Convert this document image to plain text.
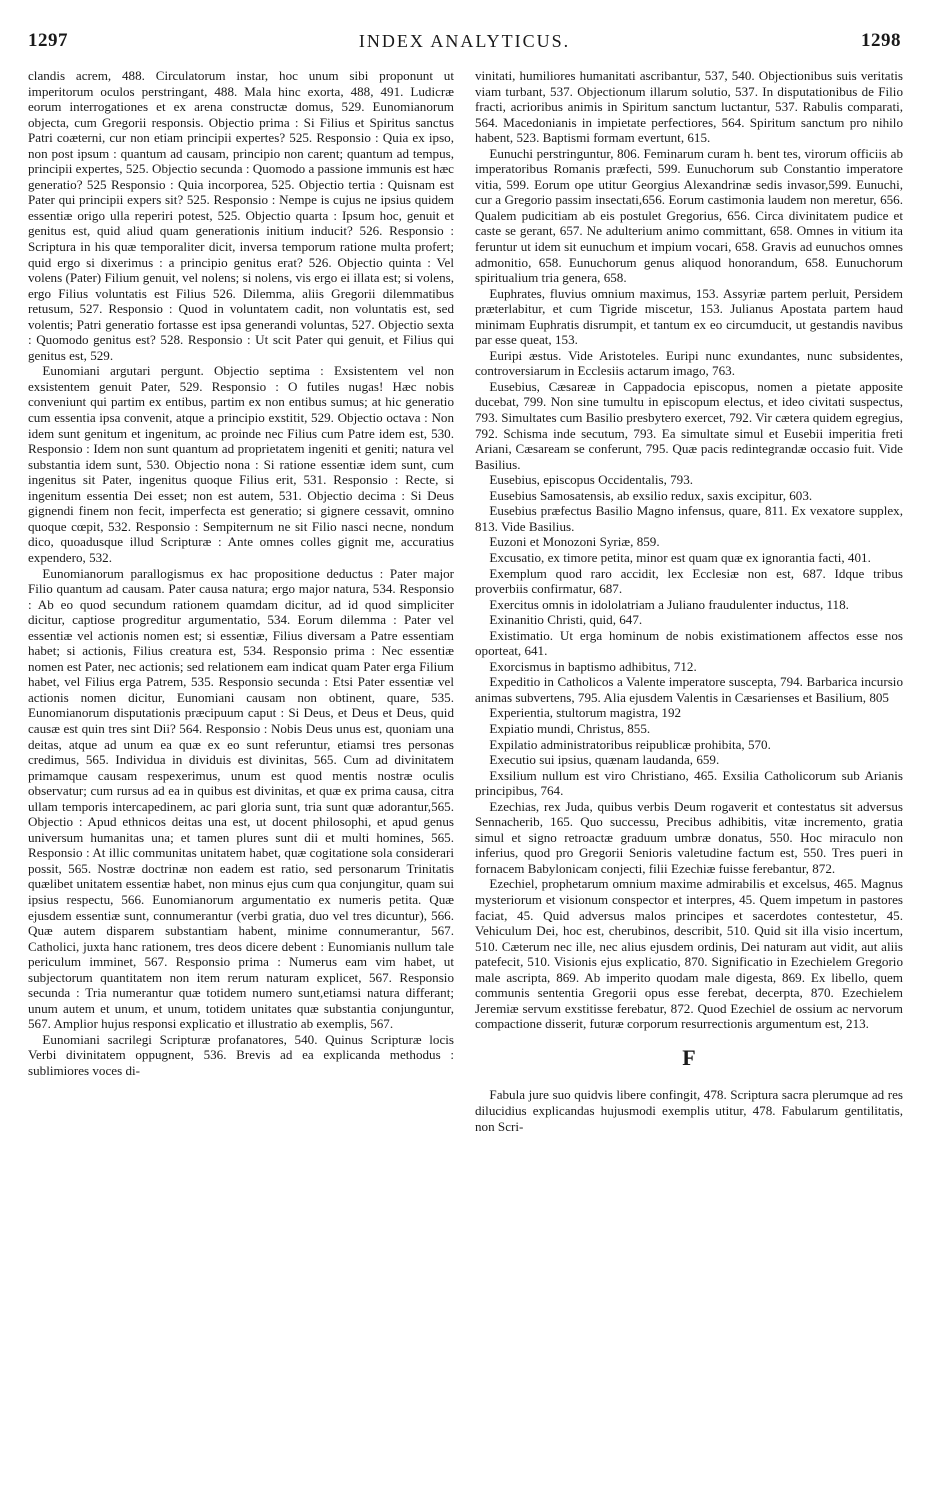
1297	INDEX ANALYTICUS.	1298

clandis acrem, 488. Circulatorum instar, hoc unum sibi proponunt ut imperitorum oculos perstringant, 488. Mala hinc exorta, 488, 491. Ludicræ eorum interrogationes et ex arena constructæ domus, 529. Eunomianorum objecta, cum Gregorii responsis. Objectio prima : Si Filius et Spiritus sanctus Patri coæterni, cur non etiam principii expertes? 525. Responsio : Quia ex ipso, non post ipsum : quantum ad causam, principio non carent; quantum ad tempus, principii expertes, 525. Objectio secunda : Quomodo a passione immunis est hæc generatio? 525 Responsio : Quia incorporea, 525. Objectio tertia : Quisnam est Pater qui principii expers sit? 525. Responsio : Nempe is cujus ne ipsius quidem essentiæ origo ulla reperiri potest, 525. Objectio quarta : Ipsum hoc, genuit et genitus est, quid aliud quam generationis initium inducit? 526. Responsio : Scriptura in his quæ temporaliter dicit, inversa temporum ratione multa profert; quid ergo si dixerimus : a principio genitus erat? 526. Objectio quinta : Vel volens (Pater) Filium genuit, vel nolens; si nolens, vis ergo ei illata est; si volens, ergo Filius voluntatis est Filius 526. Dilemma, aliis Gregorii dilemmatibus retusum, 527. Responsio : Quod in voluntatem cadit, non voluntatis est, sed volentis; Patri generatio fortasse est ipsa generandi voluntas, 527. Objectio sexta : Quomodo genitus est? 528. Responsio : Ut scit Pater qui genuit, et Filius qui genitus est, 529.

Eunomiani argutari pergunt. Objectio septima : Exsistentem vel non exsistentem genuit Pater, 529. Responsio : O futiles nugas! Hæc nobis conveniunt qui partim ex entibus, partim ex non entibus sumus; at hic generatio cum essentia ipsa convenit, atque a principio exstitit, 529. Objectio octava : Non idem sunt genitum et ingenitum, ac proinde nec Filius cum Patre idem est, 530. Responsio : Idem non sunt quantum ad proprietatem ingeniti et geniti; natura vel substantia idem sunt, 530. Objectio nona : Si ratione essentiæ idem sunt, cum ingenitus sit Pater, ingenitus quoque Filius erit, 531. Responsio : Recte, si ingenitum essentia Dei esset; non est autem, 531. Objectio decima : Si Deus gignendi finem non fecit, imperfecta est generatio; si gignere cessavit, omnino quoque cœpit, 532. Responsio : Sempiternum ne sit Filio nasci necne, nondum dico, quoadusque illud Scripturæ : Ante omnes colles gignit me, accuratius expendero, 532.

Eunomianorum parallogismus ex hac propositione deductus : Pater major Filio quantum ad causam. Pater causa natura; ergo major natura, 534. Responsio : Ab eo quod secundum rationem quamdam dicitur, ad id quod simpliciter dicitur, captiose progreditur argumentatio, 534. Eorum dilemma : Pater vel essentiæ vel actionis nomen est; si essentiæ, Filius diversam a Patre essentiam habet; si actionis, Filius creatura est, 534. Responsio prima : Nec essentiæ nomen est Pater, nec actionis; sed relationem eam indicat quam Pater erga Filium habet, vel Filius erga Patrem, 535. Responsio secunda : Etsi Pater essentiæ vel actionis nomen dicitur, Eunomiani causam non obtinent, quare, 535. Eunomianorum disputationis præcipuum caput : Si Deus, et Deus et Deus, quid causæ est quin tres sint Dii? 564. Responsio : Nobis Deus unus est, quoniam una deitas, atque ad unum ea quæ ex eo sunt referuntur, etiamsi tres personas credimus, 565. Individua in dividuis est divinitas, 565. Cum ad divinitatem primamque causam respexerimus, unum est quod mentis nostræ oculis observatur; cum rursus ad ea in quibus est divinitas, et quæ ex prima causa, citra ullam temporis intercapedinem, ac pari gloria sunt, tria sunt quæ adorantur,565. Objectio : Apud ethnicos deitas una est, ut docent philosophi, et apud genus universum humanitas una; et tamen plures sunt dii et multi homines, 565. Responsio : At illic communitas unitatem habet, quæ cogitatione sola considerari possit, 565. Nostræ doctrinæ non eadem est ratio, sed personarum Trinitatis quælibet unitatem essentiæ habet, non minus ejus cum qua conjungitur, quam sui ipsius respectu, 566. Eunomianorum argumentatio ex numeris petita. Quæ ejusdem essentiæ sunt, connumerantur (verbi gratia, duo vel tres dicuntur), 566. Quæ autem disparem substantiam habent, minime connumerantur, 567. Catholici, juxta hanc rationem, tres deos dicere debent : Eunomianis nullum tale periculum imminet, 567. Responsio prima : Numerus eam vim habet, ut subjectorum quantitatem non item rerum naturam explicet, 567. Responsio secunda : Tria numerantur quæ totidem numero sunt,etiamsi natura differant; unum autem et unum, et unum, totidem unitates quæ substantia conjunguntur, 567. Amplior hujus responsi explicatio et illustratio ab exemplis, 567.

Eunomiani sacrilegi Scripturæ profanatores, 540. Quinus Scripturæ locis Verbi divinitatem oppugnent, 536. Brevis ad ea explicanda methodus : sublimiores voces di-

vinitati, humiliores humanitati ascribantur, 537, 540. Objectionibus suis veritatis viam turbant, 537. Objectionum illarum solutio, 537. In disputationibus de Filio fracti, acrioribus animis in Spiritum sanctum luctantur, 537. Rabulis comparati, 564. Macedonianis in impietate perfectiores, 564. Spiritum sanctum pro nihilo habent, 523. Baptismi formam evertunt, 615.

Eunuchi perstringuntur, 806. Feminarum curam h. bent tes, virorum officiis ab imperatoribus Romanis præfecti, 599. Eunuchorum sub Constantio imperatore vitia, 599. Eorum ope utitur Georgius Alexandrinæ sedis invasor,599. Eunuchi, cur a Gregorio passim insectati,656. Eorum castimonia laudem non meretur, 656. Qualem pudicitiam ab eis postulet Gregorius, 656. Circa divinitatem pudice et caste se gerant, 657. Ne adulterium animo committant, 658. Omnes in vitium ita feruntur ut idem sit eunuchum et impium vocari, 658. Gravis ad eunuchos omnes admonitio, 658. Eunuchorum genus aliquod honorandum, 658. Eunuchorum spiritualium tria genera, 658.

Euphrates, fluvius omnium maximus, 153. Assyriæ partem perluit, Persidem præterlabitur, et cum Tigride miscetur, 153. Julianus Apostata partem haud minimam Euphratis disrumpit, et tantum ex eo circumducit, ut gestandis navibus par esse queat, 153.

Euripi æstus. Vide Aristoteles. Euripi nunc exundantes, nunc subsidentes, controversiarum in Ecclesiis actarum imago, 763.

Eusebius, Cæsareæ in Cappadocia episcopus, nomen a pietate apposite ducebat, 799. Non sine tumultu in episcopum electus, et ideo civitati suspectus, 793. Simultates cum Basilio presbytero exercet, 792. Vir cætera quidem egregius, 792. Schisma inde secutum, 793. Ea simultate simul et Eusebii imperitia freti Ariani, Cæsaream se conferunt, 795. Quæ pacis redintegrandæ occasio fuit. Vide Basilius.

Eusebius, episcopus Occidentalis, 793.

Eusebius Samosatensis, ab exsilio redux, saxis excipitur, 603.

Eusebius præfectus Basilio Magno infensus, quare, 811. Ex vexatore supplex, 813. Vide Basilius.

Euzoni et Monozoni Syriæ, 859.

Excusatio, ex timore petita, minor est quam quæ ex ignorantia facti, 401.

Exemplum quod raro accidit, lex Ecclesiæ non est, 687. Idque tribus proverbiis confirmatur, 687.

Exercitus omnis in idololatriam a Juliano fraudulenter inductus, 118.

Exinanitio Christi, quid, 647.

Existimatio. Ut erga hominum de nobis existimationem affectos esse nos oporteat, 641.

Exorcismus in baptismo adhibitus, 712.

Expeditio in Catholicos a Valente imperatore suscepta, 794. Barbarica incursio animas subvertens, 795. Alia ejusdem Valentis in Cæsarienses et Basilium, 805

Experientia, stultorum magistra, 192

Expiatio mundi, Christus, 855.

Expilatio administratoribus reipublicæ prohibita, 570.

Executio sui ipsius, quænam laudanda, 659.

Exsilium nullum est viro Christiano, 465. Exsilia Catholicorum sub Arianis principibus, 764.

Ezechias, rex Juda, quibus verbis Deum rogaverit et contestatus sit adversus Sennacherib, 165. Quo successu, Precibus adhibitis, vitæ incremento, gratia simul et signo retroactæ graduum umbræ donatus, 550. Hoc miraculo non inferius, quod pro Gregorii Senioris valetudine factum est, 550. Tres pueri in fornacem Babylonicam conjecti, filii Ezechiæ fuisse ferebantur, 872.

Ezechiel, prophetarum omnium maxime admirabilis et excelsus, 465. Magnus mysteriorum et visionum conspector et interpres, 45. Quem impetum in pastores faciat, 45. Quid adversus malos principes et sacerdotes contestetur, 45. Vehiculum Dei, hoc est, cherubinos, describit, 510. Quid sit illa visio incertum, 510. Cæterum nec ille, nec alius ejusdem ordinis, Dei naturam aut vidit, aut aliis patefecit, 510. Visionis ejus explicatio, 870. Significatio in Ezechielem Gregorio male ascripta, 869. Ab imperito quodam male digesta, 869. Ex libello, quem communis sententia Gregorii opus esse ferebat, decerpta, 870. Ezechielem Jeremiæ servum exstitisse ferebatur, 872. Quod Ezechiel de ossium ac nervorum compactione disserit, futuræ corporum resurrectionis argumentum est, 213.

F

Fabula jure suo quidvis libere confingit, 478. Scriptura sacra plerumque ad res dilucidius explicandas hujusmodi exemplis utitur, 478. Fabularum gentilitatis, non Scri-
